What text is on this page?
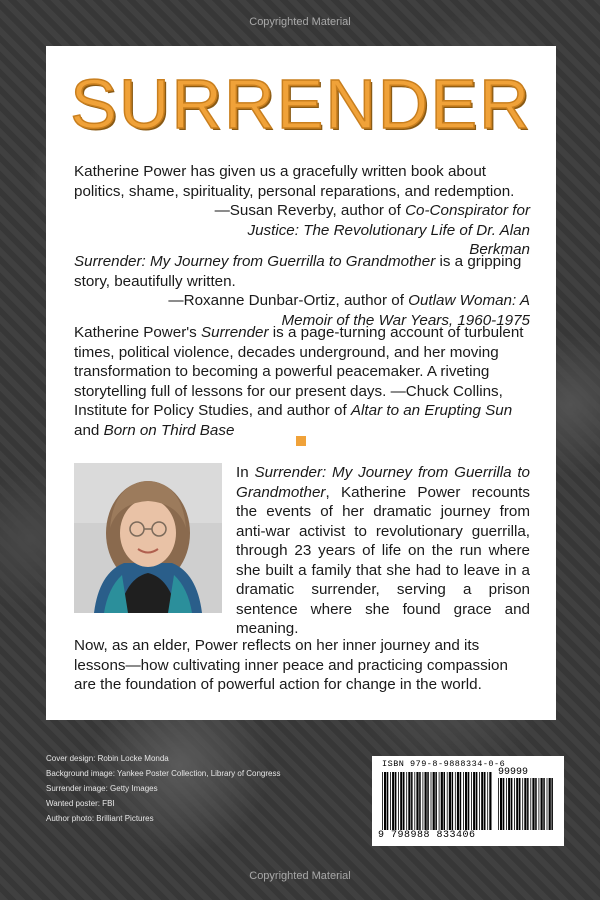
Copyrighted Material
SURRENDER
Katherine Power has given us a gracefully written book about politics, shame, spirituality, personal reparations, and redemption.
—Susan Reverby, author of Co-Conspirator for Justice: The Revolutionary Life of Dr. Alan Berkman
Surrender: My Journey from Guerrilla to Grandmother is a gripping story, beautifully written.
—Roxanne Dunbar-Ortiz, author of Outlaw Woman: A Memoir of the War Years, 1960-1975
Katherine Power's Surrender is a page-turning account of turbulent times, political violence, decades underground, and her moving transformation to becoming a powerful peacemaker. A riveting storytelling full of lessons for our present days. —Chuck Collins, Institute for Policy Studies, and author of Altar to an Erupting Sun and Born on Third Base
In Surrender: My Journey from Guerrilla to Grandmother, Katherine Power recounts the events of her dramatic journey from anti-war activist to revolutionary guerrilla, through 23 years of life on the run where she built a family that she had to leave in a dramatic surrender, serving a prison sentence where she found grace and meaning.
Now, as an elder, Power reflects on her inner journey and its lessons—how cultivating inner peace and practicing compassion are the foundation of powerful action for change in the world.
Cover design: Robin Locke Monda
Background image: Yankee Poster Collection, Library of Congress
Surrender image: Getty Images
Wanted poster: FBI
Author photo: Brilliant Pictures
ISBN 979-8-9888334-0-6
99999
9 798988 833406
Copyrighted Material
